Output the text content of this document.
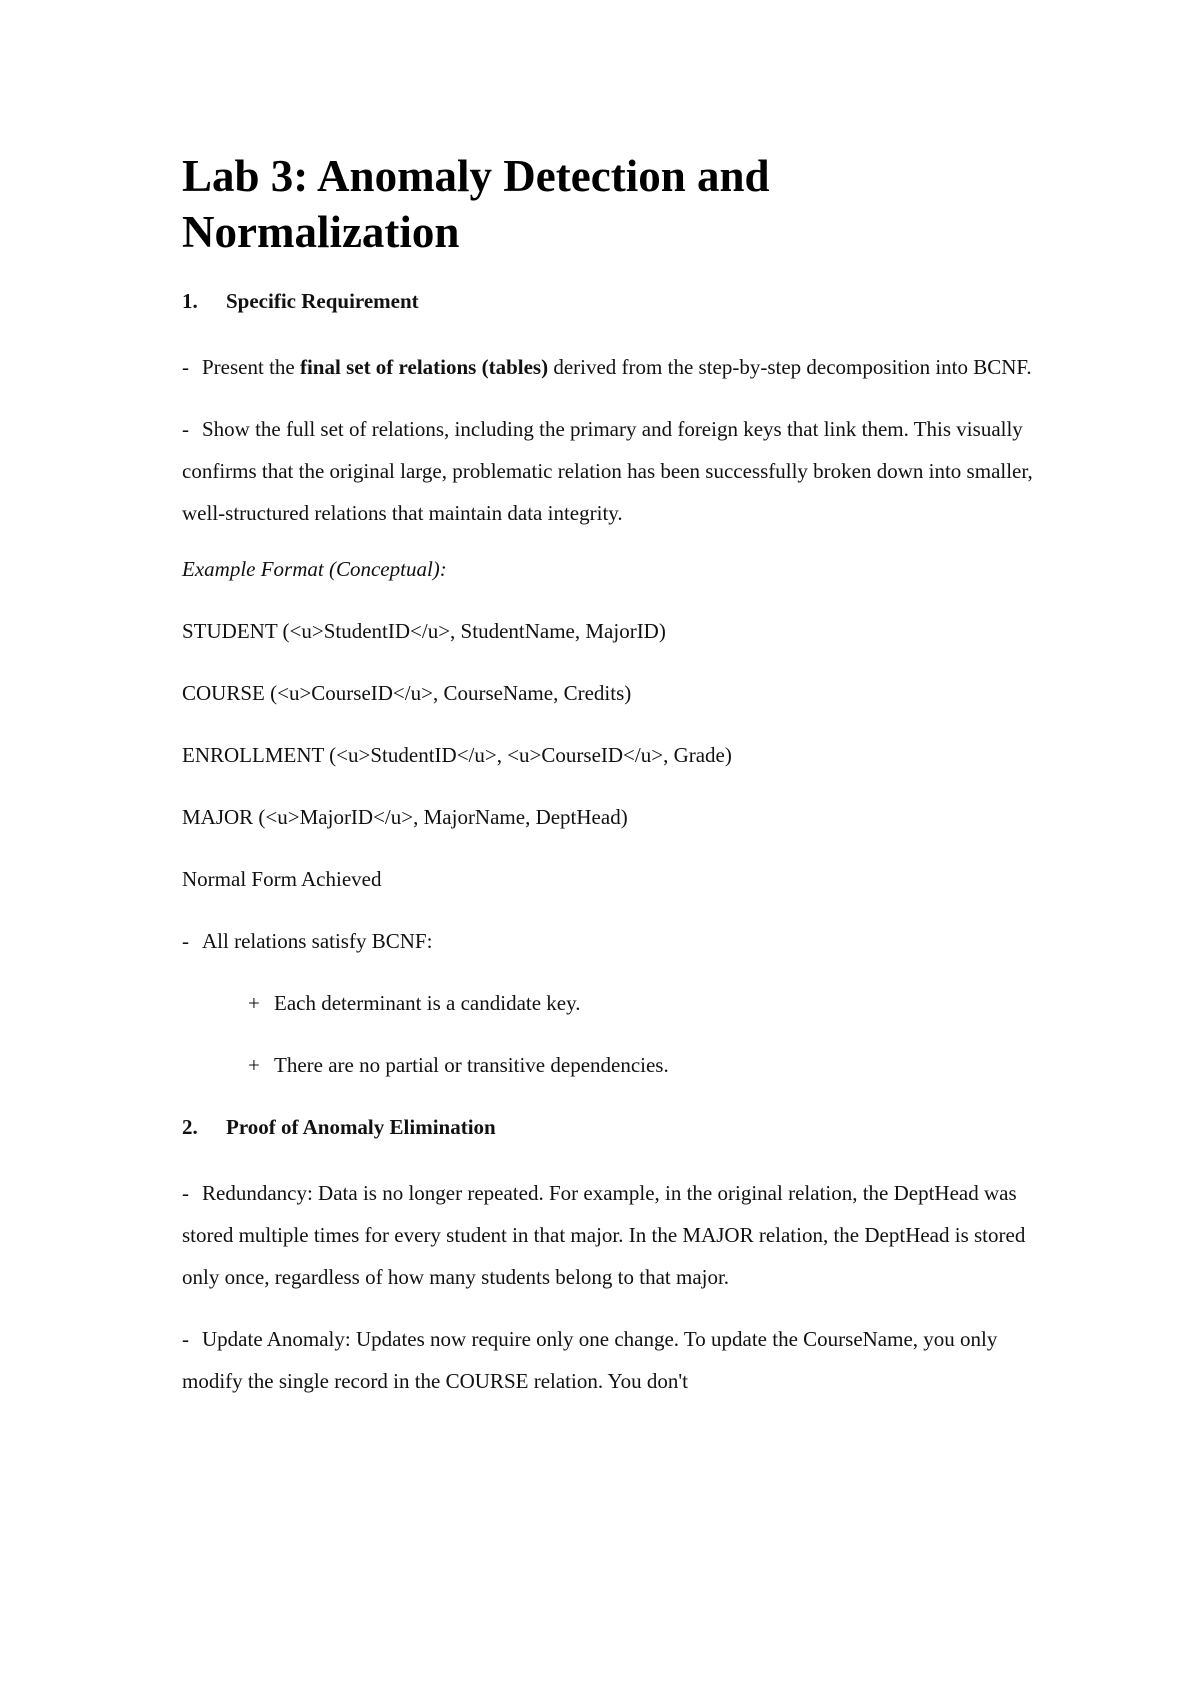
Lab 3: Anomaly Detection and Normalization
1.	Specific Requirement

- Present the final set of relations (tables) derived from the step-by-step decomposition into BCNF.

- Show the full set of relations, including the primary and foreign keys that link them. This visually confirms that the original large, problematic relation has been successfully broken down into smaller, well-structured relations that maintain data integrity.

Example Format (Conceptual):
STUDENT (<u>StudentID</u>, StudentName, MajorID)
COURSE (<u>CourseID</u>, CourseName, Credits)
ENROLLMENT (<u>StudentID</u>, <u>CourseID</u>, Grade)
MAJOR (<u>MajorID</u>, MajorName, DeptHead)
Normal Form Achieved
- All relations satisfy BCNF:
+ Each determinant is a candidate key.
+ There are no partial or transitive dependencies.
2.	Proof of Anomaly Elimination

- Redundancy: Data is no longer repeated. For example, in the original relation, the DeptHead was stored multiple times for every student in that major. In the MAJOR relation, the DeptHead is stored only once, regardless of how many students belong to that major.

- Update Anomaly: Updates now require only one change. To update the CourseName, you only modify the single record in the COURSE relation. You don't
